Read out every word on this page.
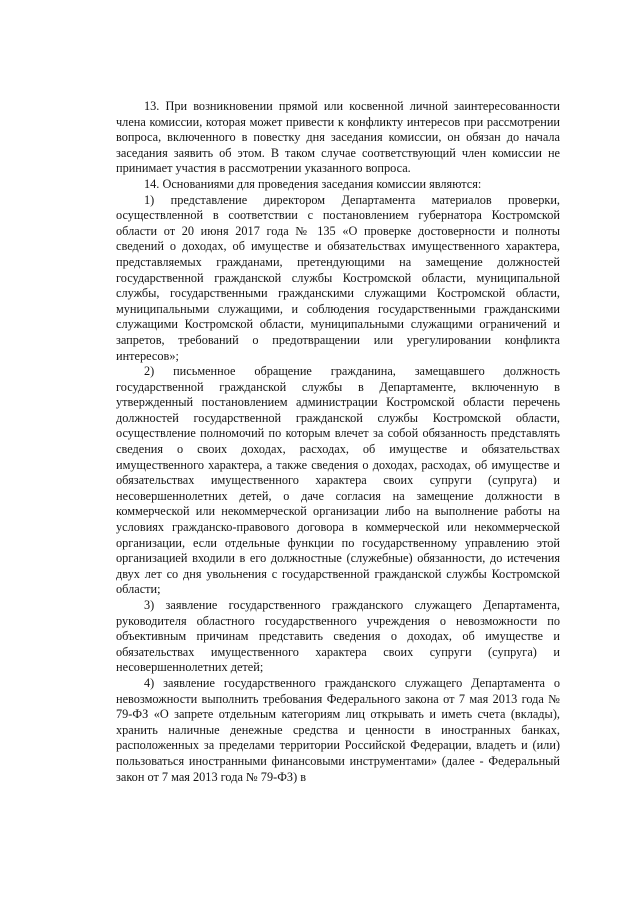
13. При возникновении прямой или косвенной личной заинтересованности члена комиссии, которая может привести к конфликту интересов при рассмотрении вопроса, включенного в повестку дня заседания комиссии, он обязан до начала заседания заявить об этом. В таком случае соответствующий член комиссии не принимает участия в рассмотрении указанного вопроса.

14. Основаниями для проведения заседания комиссии являются:

1) представление директором Департамента материалов проверки, осуществленной в соответствии с постановлением губернатора Костромской области от 20 июня 2017 года № 135 «О проверке достоверности и полноты сведений о доходах, об имуществе и обязательствах имущественного характера, представляемых гражданами, претендующими на замещение должностей государственной гражданской службы Костромской области, муниципальной службы, государственными гражданскими служащими Костромской области, муниципальными служащими, и соблюдения государственными гражданскими служащими Костромской области, муниципальными служащими ограничений и запретов, требований о предотвращении или урегулировании конфликта интересов»;

2) письменное обращение гражданина, замещавшего должность государственной гражданской службы в Департаменте, включенную в утвержденный постановлением администрации Костромской области перечень должностей государственной гражданской службы Костромской области, осуществление полномочий по которым влечет за собой обязанность представлять сведения о своих доходах, расходах, об имуществе и обязательствах имущественного характера, а также сведения о доходах, расходах, об имуществе и обязательствах имущественного характера своих супруги (супруга) и несовершеннолетних детей, о даче согласия на замещение должности в коммерческой или некоммерческой организации либо на выполнение работы на условиях гражданско-правового договора в коммерческой или некоммерческой организации, если отдельные функции по государственному управлению этой организацией входили в его должностные (служебные) обязанности, до истечения двух лет со дня увольнения с государственной гражданской службы Костромской области;

3) заявление государственного гражданского служащего Департамента, руководителя областного государственного учреждения о невозможности по объективным причинам представить сведения о доходах, об имуществе и обязательствах имущественного характера своих супруги (супруга) и несовершеннолетних детей;

4) заявление государственного гражданского служащего Департамента о невозможности выполнить требования Федерального закона от 7 мая 2013 года № 79-ФЗ «О запрете отдельным категориям лиц открывать и иметь счета (вклады), хранить наличные денежные средства и ценности в иностранных банках, расположенных за пределами территории Российской Федерации, владеть и (или) пользоваться иностранными финансовыми инструментами» (далее - Федеральный закон от 7 мая 2013 года № 79-ФЗ) в
